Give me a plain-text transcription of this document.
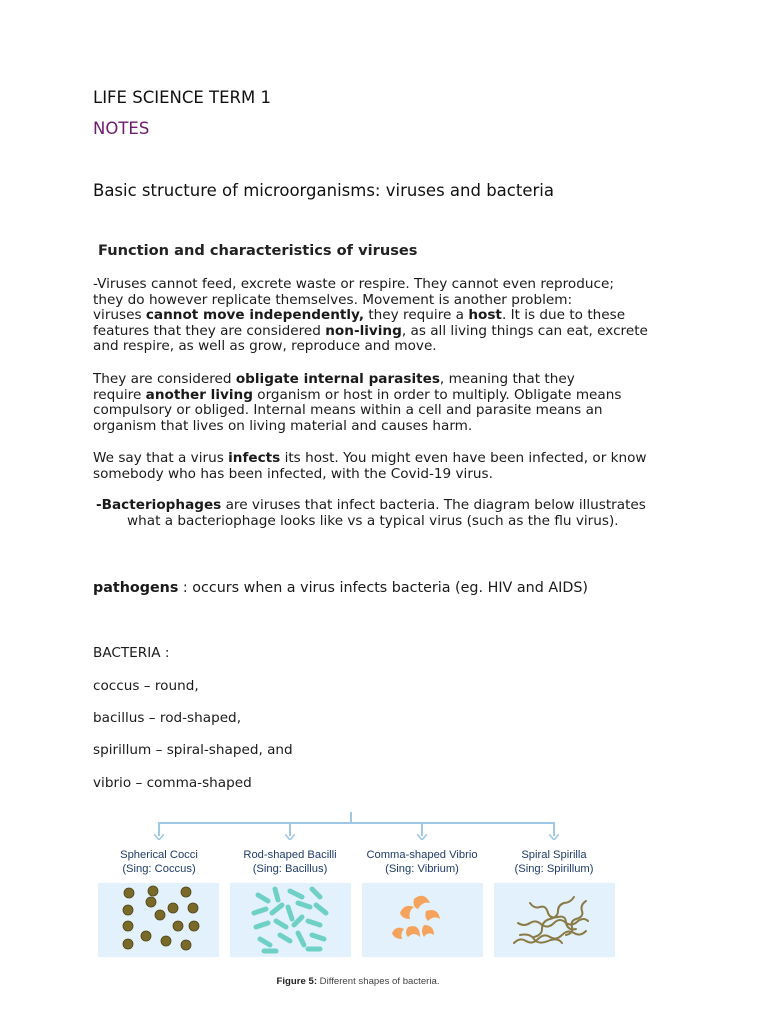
LIFE SCIENCE TERM 1

NOTES

Basic structure of microorganisms: viruses and bacteria

Function and characteristics of viruses

-Viruses cannot feed, excrete waste or respire. They cannot even reproduce;
they do however replicate themselves. Movement is another problem:
viruses cannot move independently, they require a host. It is due to these
features that they are considered non-living, as all living things can eat, excrete
and respire, as well as grow, reproduce and move.

They are considered obligate internal parasites, meaning that they
require another living organism or host in order to multiply. Obligate means
compulsory or obliged. Internal means within a cell and parasite means an
organism that lives on living material and causes harm.

We say that a virus infects its host. You might even have been infected, or know
somebody who has been infected, with the Covid-19 virus.

-Bacteriophages are viruses that infect bacteria. The diagram below illustrates
what a bacteriophage looks like vs a typical virus (such as the flu virus).

pathogens : occurs when a virus infects bacteria (eg. HIV and AIDS)

BACTERIA :

coccus – round,

bacillus – rod-shaped,

spirillum – spiral-shaped, and

vibrio – comma-shaped

Spherical Cocci
(Sing: Coccus)
Rod-shaped Bacilli
(Sing: Bacillus)
Comma-shaped Vibrio
(Sing: Vibrium)
Spiral Spirilla
(Sing: Spirillum)
Figure 5: Different shapes of bacteria.
